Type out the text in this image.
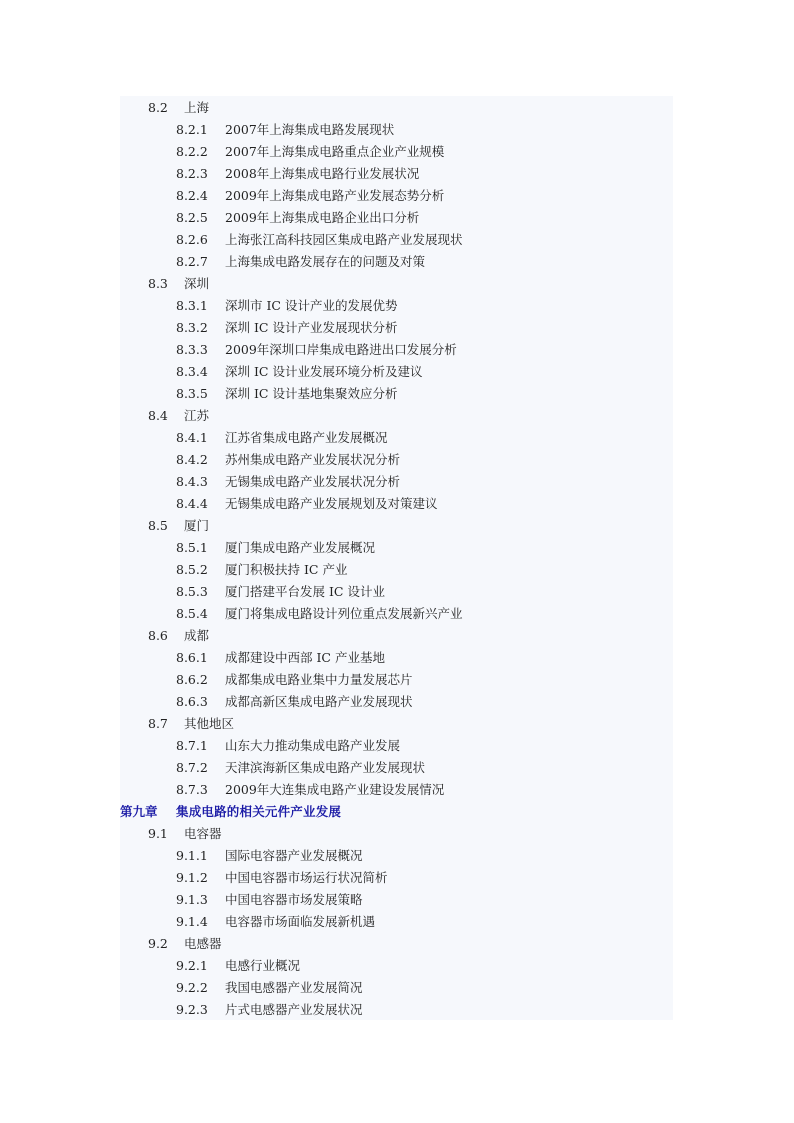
8.2 上海
8.2.1 2007年上海集成电路发展现状
8.2.2 2007年上海集成电路重点企业产业规模
8.2.3 2008年上海集成电路行业发展状况
8.2.4 2009年上海集成电路产业发展态势分析
8.2.5 2009年上海集成电路企业出口分析
8.2.6 上海张江高科技园区集成电路产业发展现状
8.2.7 上海集成电路发展存在的问题及对策
8.3 深圳
8.3.1 深圳市 IC 设计产业的发展优势
8.3.2 深圳 IC 设计产业发展现状分析
8.3.3 2009年深圳口岸集成电路进出口发展分析
8.3.4 深圳 IC 设计业发展环境分析及建议
8.3.5 深圳 IC 设计基地集聚效应分析
8.4 江苏
8.4.1 江苏省集成电路产业发展概况
8.4.2 苏州集成电路产业发展状况分析
8.4.3 无锡集成电路产业发展状况分析
8.4.4 无锡集成电路产业发展规划及对策建议
8.5 厦门
8.5.1 厦门集成电路产业发展概况
8.5.2 厦门积极扶持 IC 产业
8.5.3 厦门搭建平台发展 IC 设计业
8.5.4 厦门将集成电路设计列位重点发展新兴产业
8.6 成都
8.6.1 成都建设中西部 IC 产业基地
8.6.2 成都集成电路业集中力量发展芯片
8.6.3 成都高新区集成电路产业发展现状
8.7 其他地区
8.7.1 山东大力推动集成电路产业发展
8.7.2 天津滨海新区集成电路产业发展现状
8.7.3 2009年大连集成电路产业建设发展情况
第九章 集成电路的相关元件产业发展
9.1 电容器
9.1.1 国际电容器产业发展概况
9.1.2 中国电容器市场运行状况简析
9.1.3 中国电容器市场发展策略
9.1.4 电容器市场面临发展新机遇
9.2 电感器
9.2.1 电感行业概况
9.2.2 我国电感器产业发展简况
9.2.3 片式电感器产业发展状况
